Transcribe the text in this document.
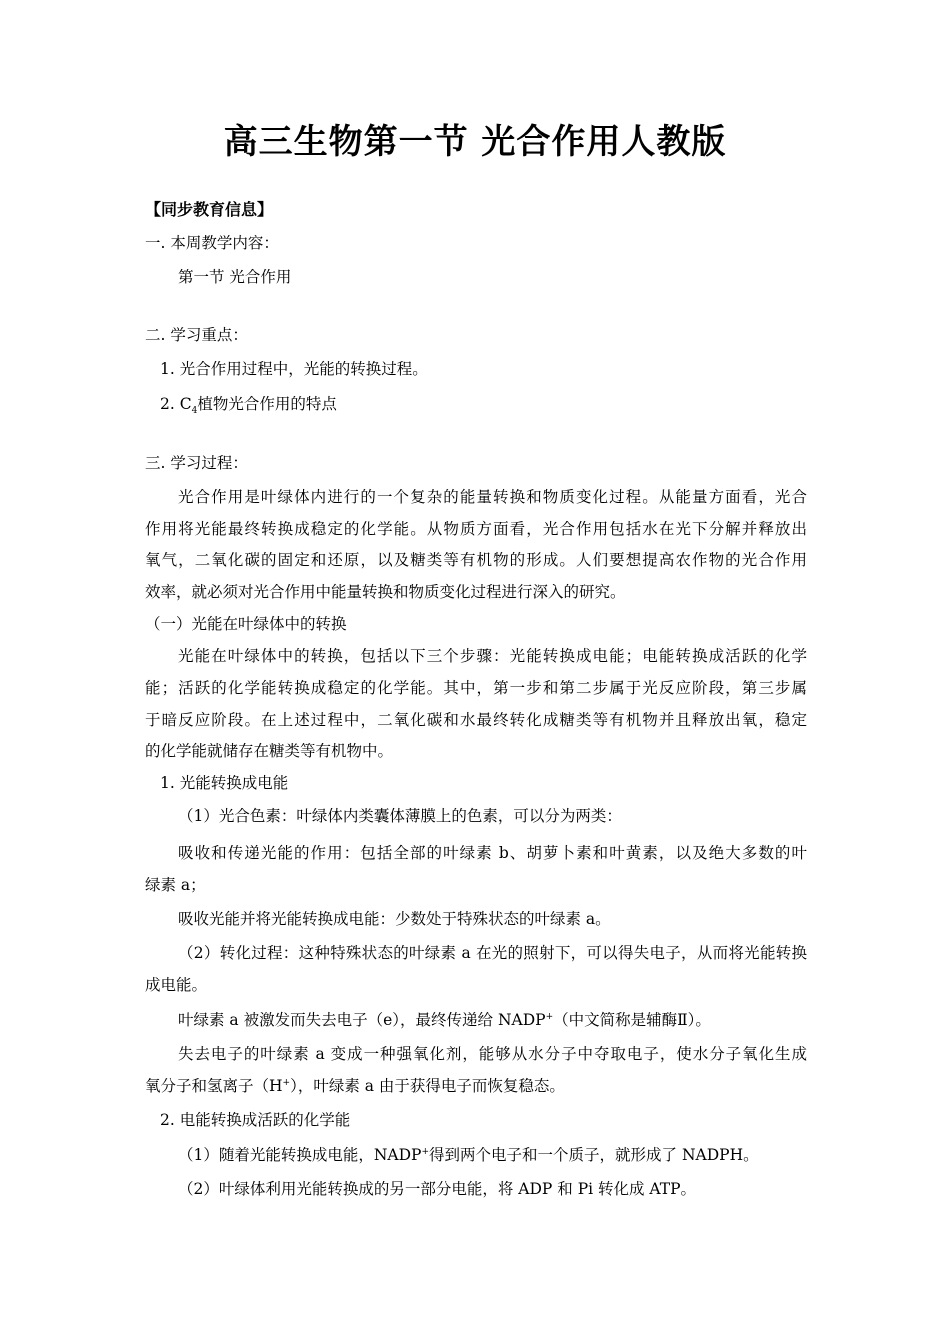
高三生物第一节 光合作用人教版
【同步教育信息】
一. 本周教学内容：
第一节 光合作用
二. 学习重点：
1. 光合作用过程中，光能的转换过程。
2. $C_4$植物光合作用的特点
三. 学习过程：
光合作用是叶绿体内进行的一个复杂的能量转换和物质变化过程。从能量方面看，光合
作用将光能最终转换成稳定的化学能。从物质方面看，光合作用包括水在光下分解并释放出
氧气，二氧化碳的固定和还原，以及糖类等有机物的形成。人们要想提高农作物的光合作用
效率，就必须对光合作用中能量转换和物质变化过程进行深入的研究。
（一）光能在叶绿体中的转换
光能在叶绿体中的转换，包括以下三个步骤：光能转换成电能；电能转换成活跃的化学
能；活跃的化学能转换成稳定的化学能。其中，第一步和第二步属于光反应阶段，第三步属
于暗反应阶段。在上述过程中，二氧化碳和水最终转化成糖类等有机物并且释放出氧，稳定
的化学能就储存在糖类等有机物中。
1. 光能转换成电能
（1）光合色素：叶绿体内类囊体薄膜上的色素，可以分为两类：
吸收和传递光能的作用：包括全部的叶绿素 b、胡萝卜素和叶黄素，以及绝大多数的叶
绿素 a；
吸收光能并将光能转换成电能：少数处于特殊状态的叶绿素 a。
（2）转化过程：这种特殊状态的叶绿素 a 在光的照射下，可以得失电子，从而将光能转换
成电能。
叶绿素 a 被激发而失去电子（e），最终传递给 NADP+（中文简称是辅酶Ⅱ）。
失去电子的叶绿素 a 变成一种强氧化剂，能够从水分子中夺取电子，使水分子氧化生成
氧分子和氢离子（H+），叶绿素 a 由于获得电子而恢复稳态。
2. 电能转换成活跃的化学能
（1）随着光能转换成电能，NADP+得到两个电子和一个质子，就形成了 NADPH。
（2）叶绿体利用光能转换成的另一部分电能，将 ADP 和 Pi 转化成 ATP。
